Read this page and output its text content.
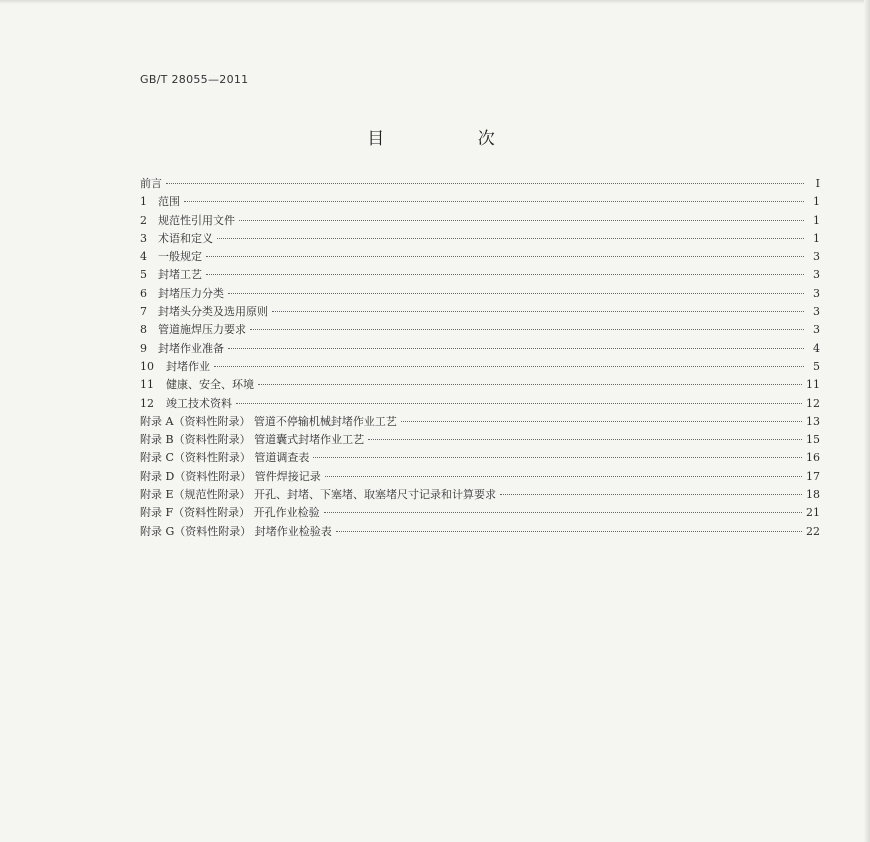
GB/T 28055—2011
目 次
前言	I
1 范围	1
2 规范性引用文件	1
3 术语和定义	1
4 一般规定	3
5 封堵工艺	3
6 封堵压力分类	3
7 封堵头分类及选用原则	3
8 管道施焊压力要求	3
9 封堵作业准备	4
10 封堵作业	5
11 健康、安全、环境	11
12 竣工技术资料	12
附录 A（资料性附录） 管道不停输机械封堵作业工艺	13
附录 B（资料性附录） 管道囊式封堵作业工艺	15
附录 C（资料性附录） 管道调查表	16
附录 D（资料性附录） 管件焊接记录	17
附录 E（规范性附录） 开孔、封堵、下塞堵、取塞堵尺寸记录和计算要求	18
附录 F（资料性附录） 开孔作业检验	21
附录 G（资料性附录） 封堵作业检验表	22
